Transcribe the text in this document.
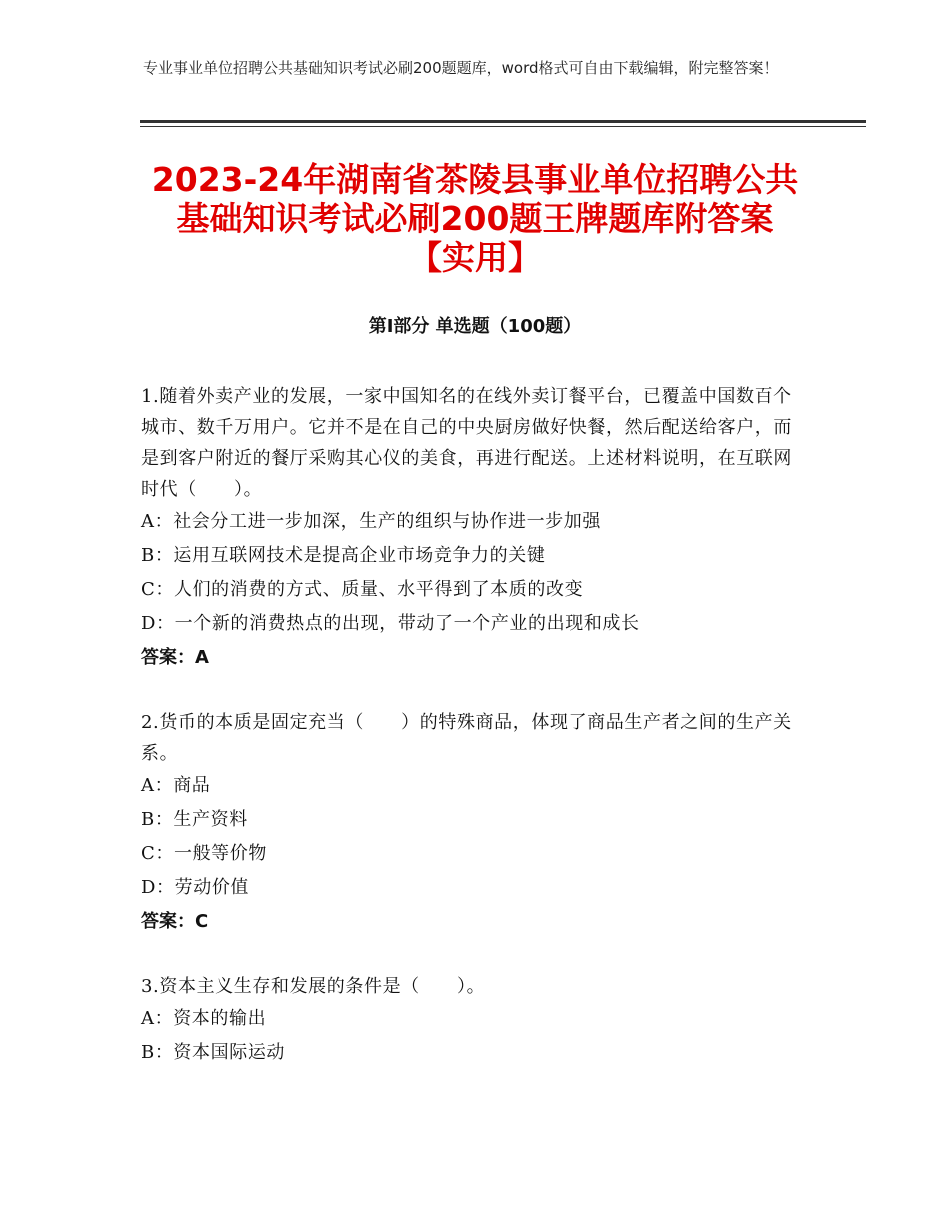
专业事业单位招聘公共基础知识考试必刷200题题库，word格式可自由下载编辑，附完整答案！
2023-24年湖南省茶陵县事业单位招聘公共
基础知识考试必刷200题王牌题库附答案
【实用】
第Ⅰ部分 单选题（100题）
1.随着外卖产业的发展，一家中国知名的在线外卖订餐平台，已覆盖中国数百个城市、数千万用户。它并不是在自己的中央厨房做好快餐，然后配送给客户，而是到客户附近的餐厅采购其心仪的美食，再进行配送。上述材料说明，在互联网时代（　　）。
A：社会分工进一步加深，生产的组织与协作进一步加强
B：运用互联网技术是提高企业市场竞争力的关键
C：人们的消费的方式、质量、水平得到了本质的改变
D：一个新的消费热点的出现，带动了一个产业的出现和成长
答案：A
2.货币的本质是固定充当（　　）的特殊商品，体现了商品生产者之间的生产关系。
A：商品
B：生产资料
C：一般等价物
D：劳动价值
答案：C
3.资本主义生存和发展的条件是（　　）。
A：资本的输出
B：资本国际运动
